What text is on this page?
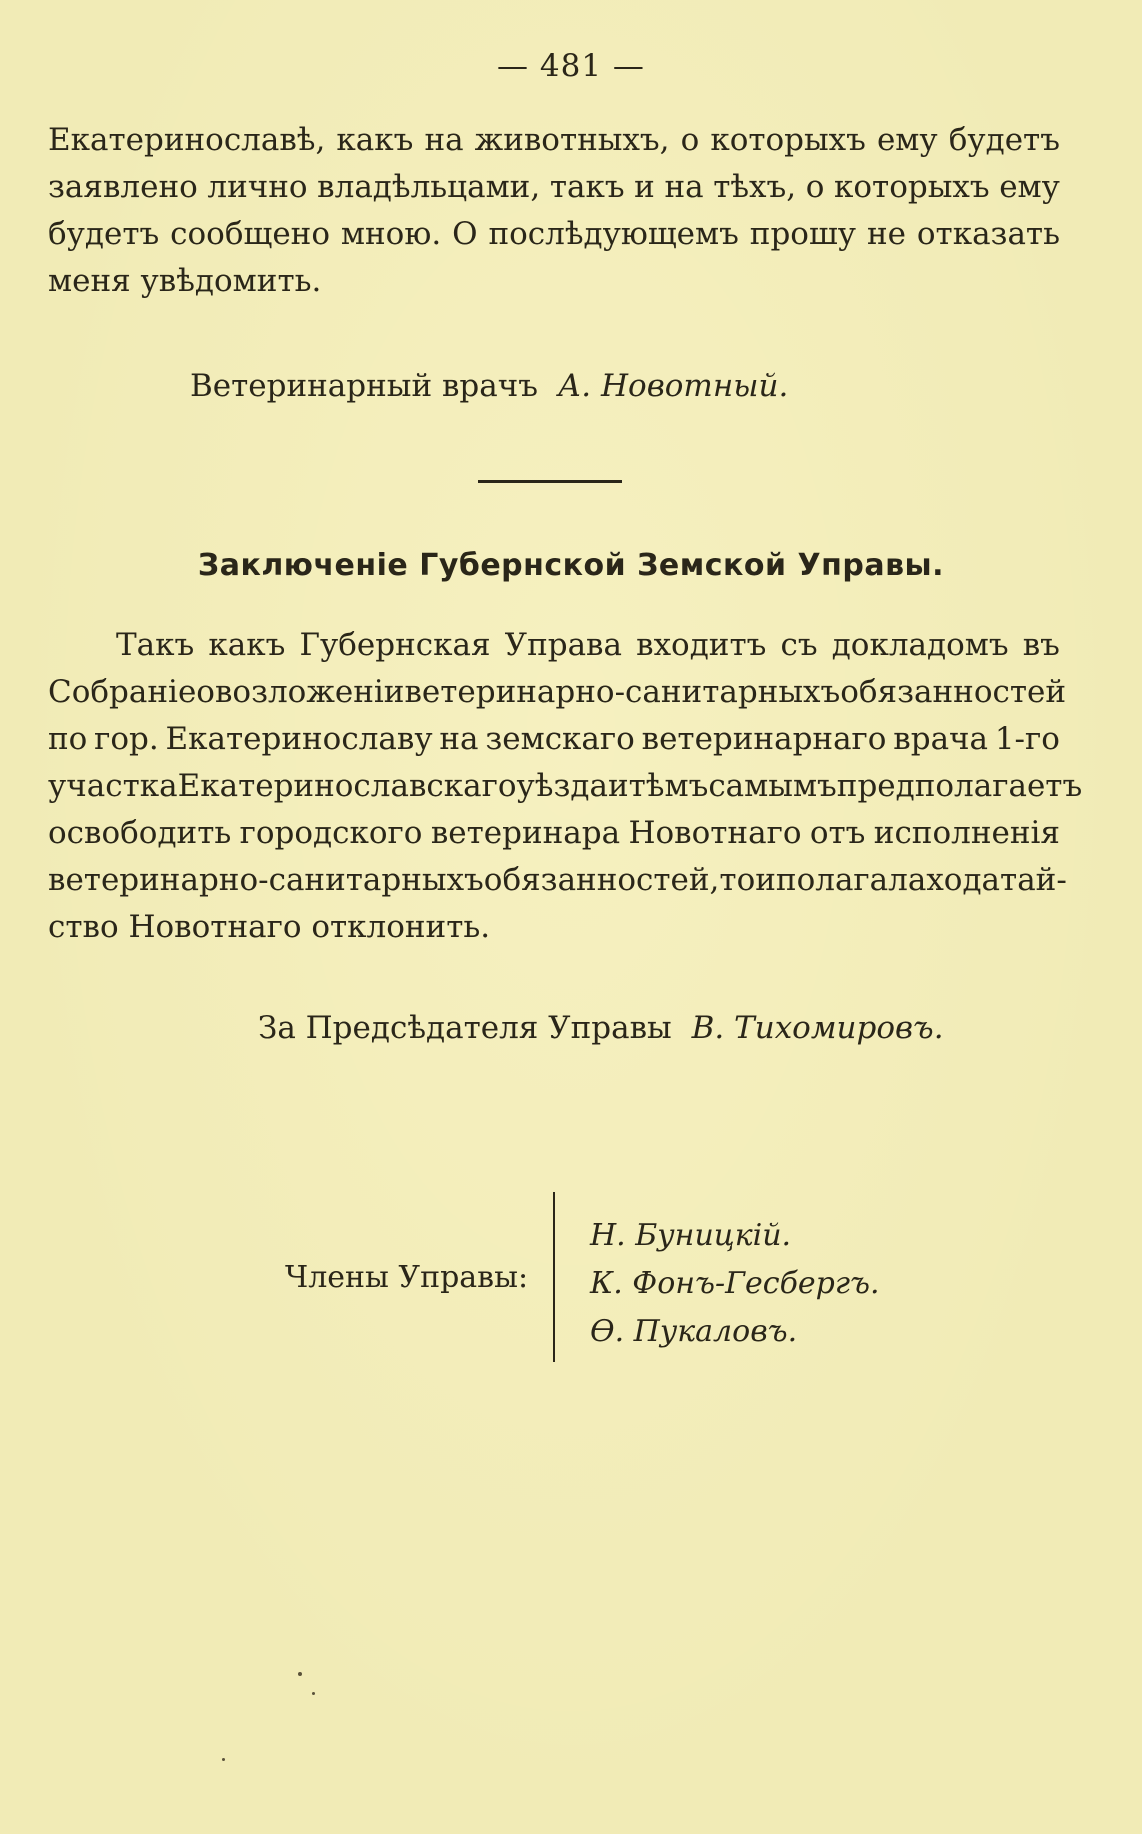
— 481 —
Екатеринославѣ, какъ на животныхъ, о которыхъ ему будетъ
заявлено лично владѣльцами, такъ и на тѣхъ, о которыхъ ему
будетъ сообщено мною. О послѣдующемъ прошу не отказать
меня увѣдомить.
Ветеринарный врачъ А. Новотный.
Заключеніе Губернской Земской Управы.
Такъ какъ Губернская Управа входитъ съ докладомъ въ
Собраніе о возложеніи ветеринарно-санитарныхъ обязанностей
по гор. Екатеринославу на земскаго ветеринарнаго врача 1-го
участка Екатеринославскаго уѣзда и тѣмъ самымъ предполагаетъ
освободить городского ветеринара Новотнаго отъ исполненія
ветеринарно-санитарныхъ обязанностей, то и полагала ходатай-
ство Новотнаго отклонить.
За Предсѣдателя Управы В. Тихомировъ.
Члены Управы:
Н. Буницкій.
К. Фонъ-Гесбергъ.
Ѳ. Пукаловъ.
